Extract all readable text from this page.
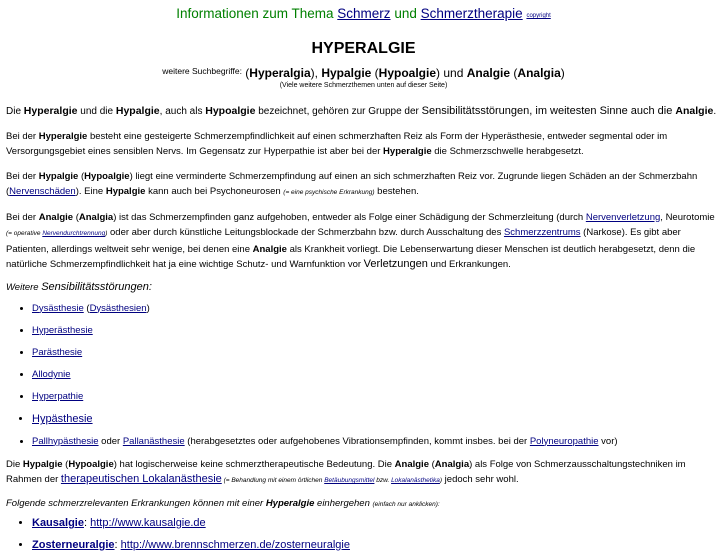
Informationen zum Thema Schmerz und Schmerztherapie copyright
HYPERALGIE
$^{weitere Suchbegriffe:}$ (Hyperalgia), Hypalgie (Hypoalgie) und Analgie (Analgia)
(Viele weitere Schmerzthemen unten auf dieser Seite)

Die Hyperalgie und die Hypalgie, auch als Hypoalgie bezeichnet, gehören zur Gruppe der Sensibilitätsstörungen, im weitesten Sinne auch die Analgie.

Bei der Hyperalgie besteht eine gesteigerte Schmerzempfindlichkeit auf einen schmerzhaften Reiz als Form der Hyperästhesie, entweder segmental oder im Versorgungsgebiet eines sensiblen Nervs. Im Gegensatz zur Hyperpathie ist aber bei der Hyperalgie die Schmerzschwelle herabgesetzt.

Bei der Hypalgie (Hypoalgie) liegt eine verminderte Schmerzempfindung auf einen an sich schmerzhaften Reiz vor. Zugrunde liegen Schäden an der Schmerzbahn (Nervenschäden). Eine Hypalgie kann auch bei Psychoneurosen (= eine psychische Erkrankung) bestehen.

Bei der Analgie (Analgia) ist das Schmerzempfinden ganz aufgehoben, entweder als Folge einer Schädigung der Schmerzleitung (durch Nervenverletzung, Neurotomie (= operative Nervendurchtrennung) oder aber durch künstliche Leitungsblockade der Schmerzbahn bzw. durch Ausschaltung des Schmerzzentrums (Narkose). Es gibt aber Patienten, allerdings weltweit sehr wenige, bei denen eine Analgie als Krankheit vorliegt. Die Lebenserwartung dieser Menschen ist deutlich herabgesetzt, denn die natürliche Schmerzempfindlichkeit hat ja eine wichtige Schutz- und Warnfunktion vor Verletzungen und Erkrankungen.

Weitere Sensibilitätsstörungen:
• Dysästhesie (Dysästhesien)
• Hyperästhesie
• Parästhesie
• Allodynie
• Hyperpathie
• Hypästhesie
• Pallhypästhesie oder Pallanästhesie (herabgesetztes oder aufgehobenes Vibrationsempfinden, kommt insbes. bei der Polyneuropathie vor)

Die Hypalgie (Hypoalgie) hat logischerweise keine schmerztherapeutische Bedeutung. Die Analgie (Analgia) als Folge von Schmerzausschaltungstechniken im Rahmen der therapeutischen Lokalanästhesie (= Behandlung mit einem örtlichen Betäubungsmittel bzw. Lokalanästhetika) jedoch sehr wohl.

Folgende schmerzrelevanten Erkrankungen können mit einer Hyperalgie einhergehen (einfach nur anklicken):
• Kausalgie: http://www.kausalgie.de
• Zosterneuralgie: http://www.brennschmerzen.de/zosterneuralgie
